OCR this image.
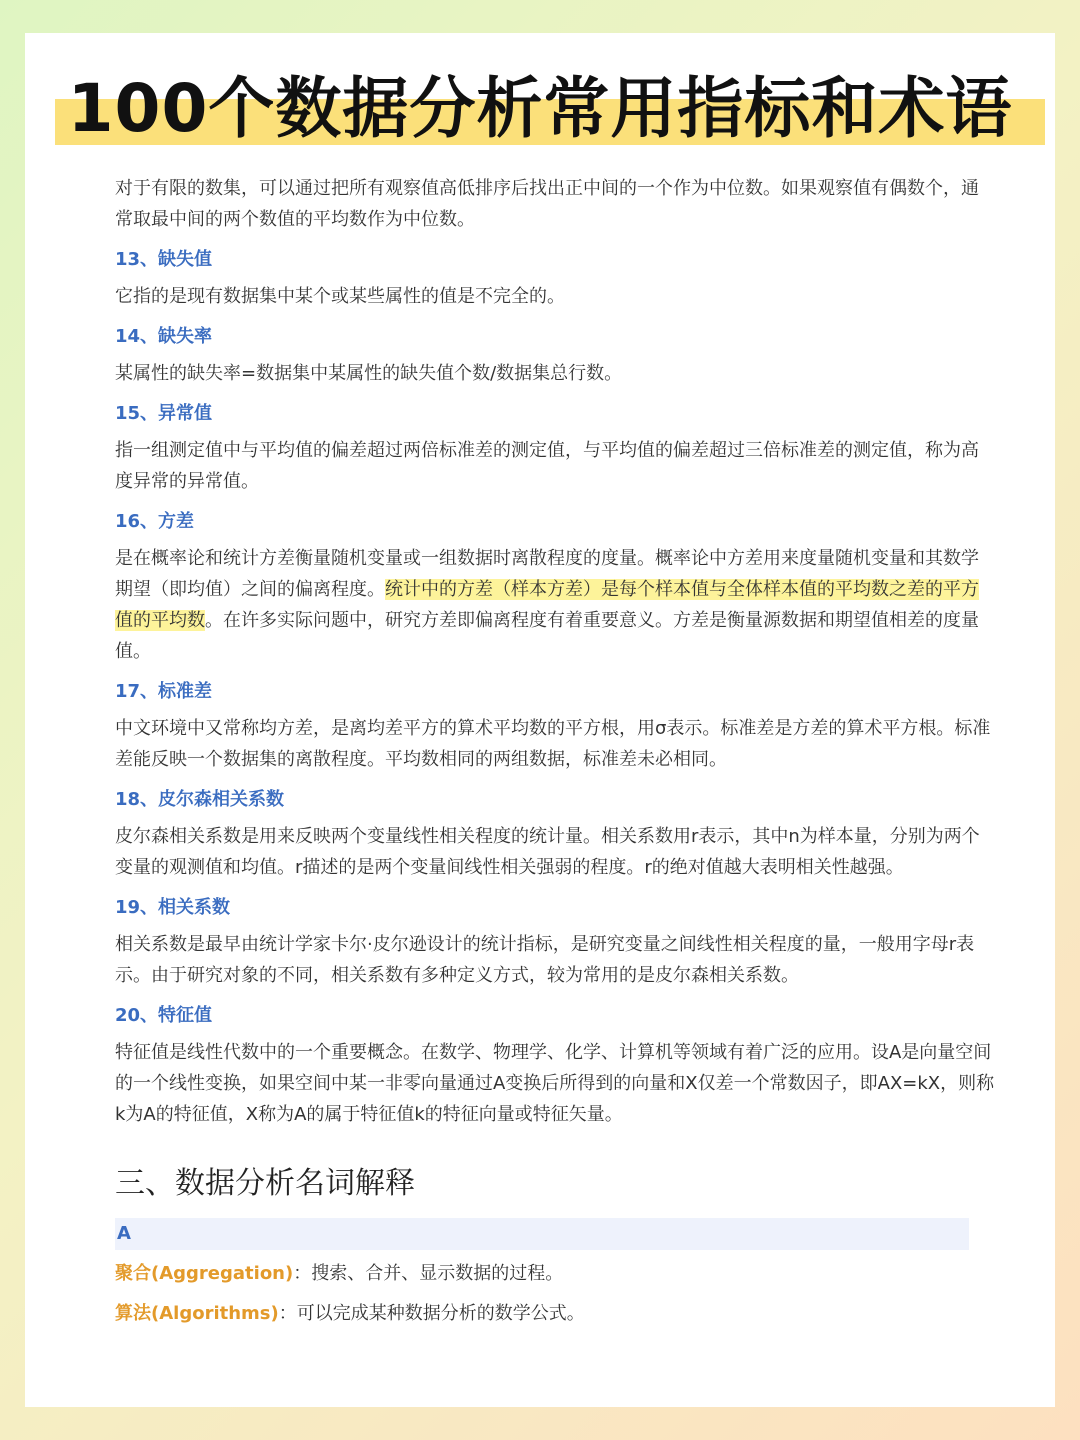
100个数据分析常用指标和术语

对于有限的数集，可以通过把所有观察值高低排序后找出正中间的一个作为中位数。如果观察值有偶数个，通常取最中间的两个数值的平均数作为中位数。

13、缺失值

它指的是现有数据集中某个或某些属性的值是不完全的。

14、缺失率

某属性的缺失率=数据集中某属性的缺失值个数/数据集总行数。

15、异常值

指一组测定值中与平均值的偏差超过两倍标准差的测定值，与平均值的偏差超过三倍标准差的测定值，称为高度异常的异常值。

16、方差

是在概率论和统计方差衡量随机变量或一组数据时离散程度的度量。概率论中方差用来度量随机变量和其数学期望（即均值）之间的偏离程度。统计中的方差（样本方差）是每个样本值与全体样本值的平均数之差的平方值的平均数。在许多实际问题中，研究方差即偏离程度有着重要意义。方差是衡量源数据和期望值相差的度量值。

17、标准差

中文环境中又常称均方差，是离均差平方的算术平均数的平方根，用σ表示。标准差是方差的算术平方根。标准差能反映一个数据集的离散程度。平均数相同的两组数据，标准差未必相同。

18、皮尔森相关系数

皮尔森相关系数是用来反映两个变量线性相关程度的统计量。相关系数用r表示，其中n为样本量，分别为两个变量的观测值和均值。r描述的是两个变量间线性相关强弱的程度。r的绝对值越大表明相关性越强。

19、相关系数

相关系数是最早由统计学家卡尔·皮尔逊设计的统计指标，是研究变量之间线性相关程度的量，一般用字母r表示。由于研究对象的不同，相关系数有多种定义方式，较为常用的是皮尔森相关系数。

20、特征值

特征值是线性代数中的一个重要概念。在数学、物理学、化学、计算机等领域有着广泛的应用。设A是向量空间的一个线性变换，如果空间中某一非零向量通过A变换后所得到的向量和X仅差一个常数因子，即AX=kX，则称k为A的特征值，X称为A的属于特征值k的特征向量或特征矢量。

三、数据分析名词解释
A

聚合(Aggregation)：搜索、合并、显示数据的过程。

算法(Algorithms)：可以完成某种数据分析的数学公式。
